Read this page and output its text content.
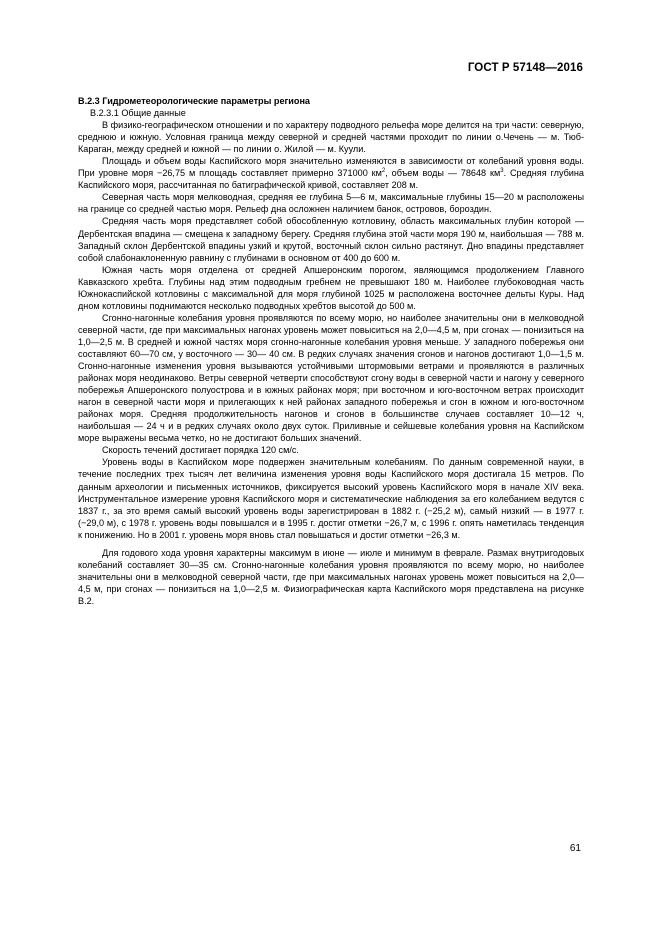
ГОСТ Р 57148—2016

В.2.3 Гидрометеорологические параметры региона

В.2.3.1 Общие данные

В физико-географическом отношении и по характеру подводного рельефа море делится на три части: северную, среднюю и южную. Условная граница между северной и средней частями проходит по линии о.Чечень — м. Тюб-Караган, между средней и южной — по линии о. Жилой — м. Куули.

Площадь и объем воды Каспийского моря значительно изменяются в зависимости от колебаний уровня воды. При уровне моря −26,75 м площадь составляет примерно 371000 $км^2$, объем воды — 78648 $км^3$. Средняя глубина Каспийского моря, рассчитанная по батиграфической кривой, составляет 208 м.

Северная часть моря мелководная, средняя ее глубина 5—6 м, максимальные глубины 15—20 м расположены на границе со средней частью моря. Рельеф дна осложнен наличием банок, островов, бороздин.

Средняя часть моря представляет собой обособленную котловину, область максимальных глубин которой — Дербентская впадина — смещена к западному берегу. Средняя глубина этой части моря 190 м, наибольшая — 788 м. Западный склон Дербентской впадины узкий и крутой, восточный склон сильно растянут. Дно впадины представляет собой слабонаклоненную равнину с глубинами в основном от 400 до 600 м.

Южная часть моря отделена от средней Апшеронским порогом, являющимся продолжением Главного Кавказского хребта. Глубины над этим подводным гребнем не превышают 180 м. Наиболее глубоководная часть Южнокаспийской котловины с максимальной для моря глубиной 1025 м расположена восточнее дельты Куры. Над дном котловины поднимаются несколько подводных хребтов высотой до 500 м.

Сгонно-нагонные колебания уровня проявляются по всему морю, но наиболее значительны они в мелководной северной части, где при максимальных нагонах уровень может повыситься на 2,0—4,5 м, при сгонах — понизиться на 1,0—2,5 м. В средней и южной частях моря сгонно-нагонные колебания уровня меньше. У западного побережья они составляют 60—70 см, у восточного — 30— 40 см. В редких случаях значения сгонов и нагонов достигают 1,0—1,5 м. Сгонно-нагонные изменения уровня вызываются устойчивыми штормовыми ветрами и проявляются в различных районах моря неодинаково. Ветры северной четверти способствуют сгону воды в северной части и нагону у северного побережья Апшеронского полуострова и в южных районах моря; при восточном и юго-восточном ветрах происходит нагон в северной части моря и прилегающих к ней районах западного побережья и сгон в южном и юго-восточном районах моря. Средняя продолжительность нагонов и сгонов в большинстве случаев составляет 10—12 ч, наибольшая — 24 ч и в редких случаях около двух суток. Приливные и сейшевые колебания уровня на Каспийском море выражены весьма четко, но не достигают больших значений.

Скорость течений достигает порядка 120 см/с.

Уровень воды в Каспийском море подвержен значительным колебаниям. По данным современной науки, в течение последних трех тысяч лет величина изменения уровня воды Каспийского моря достигала 15 метров. По данным археологии и письменных источников, фиксируется высокий уровень Каспийского моря в начале XIV века. Инструментальное измерение уровня Каспийского моря и систематические наблюдения за его колебанием ведутся с 1837 г., за это время самый высокий уровень воды зарегистрирован в 1882 г. (−25,2 м), самый низкий — в 1977 г. (−29,0 м), с 1978 г. уровень воды повышался и в 1995 г. достиг отметки −26,7 м, с 1996 г. опять наметилась тенденция к понижению. Но в 2001 г. уровень моря вновь стал повышаться и достиг отметки −26,3 м.

Для годового хода уровня характерны максимум в июне — июле и минимум в феврале. Размах внутригодовых колебаний составляет 30—35 см. Сгонно-нагонные колебания уровня проявляются по всему морю, но наиболее значительны они в мелководной северной части, где при максимальных нагонах уровень может повыситься на 2,0—4,5 м, при сгонах — понизиться на 1,0—2,5 м. Физиографическая карта Каспийского моря представлена на рисунке В.2.

61
